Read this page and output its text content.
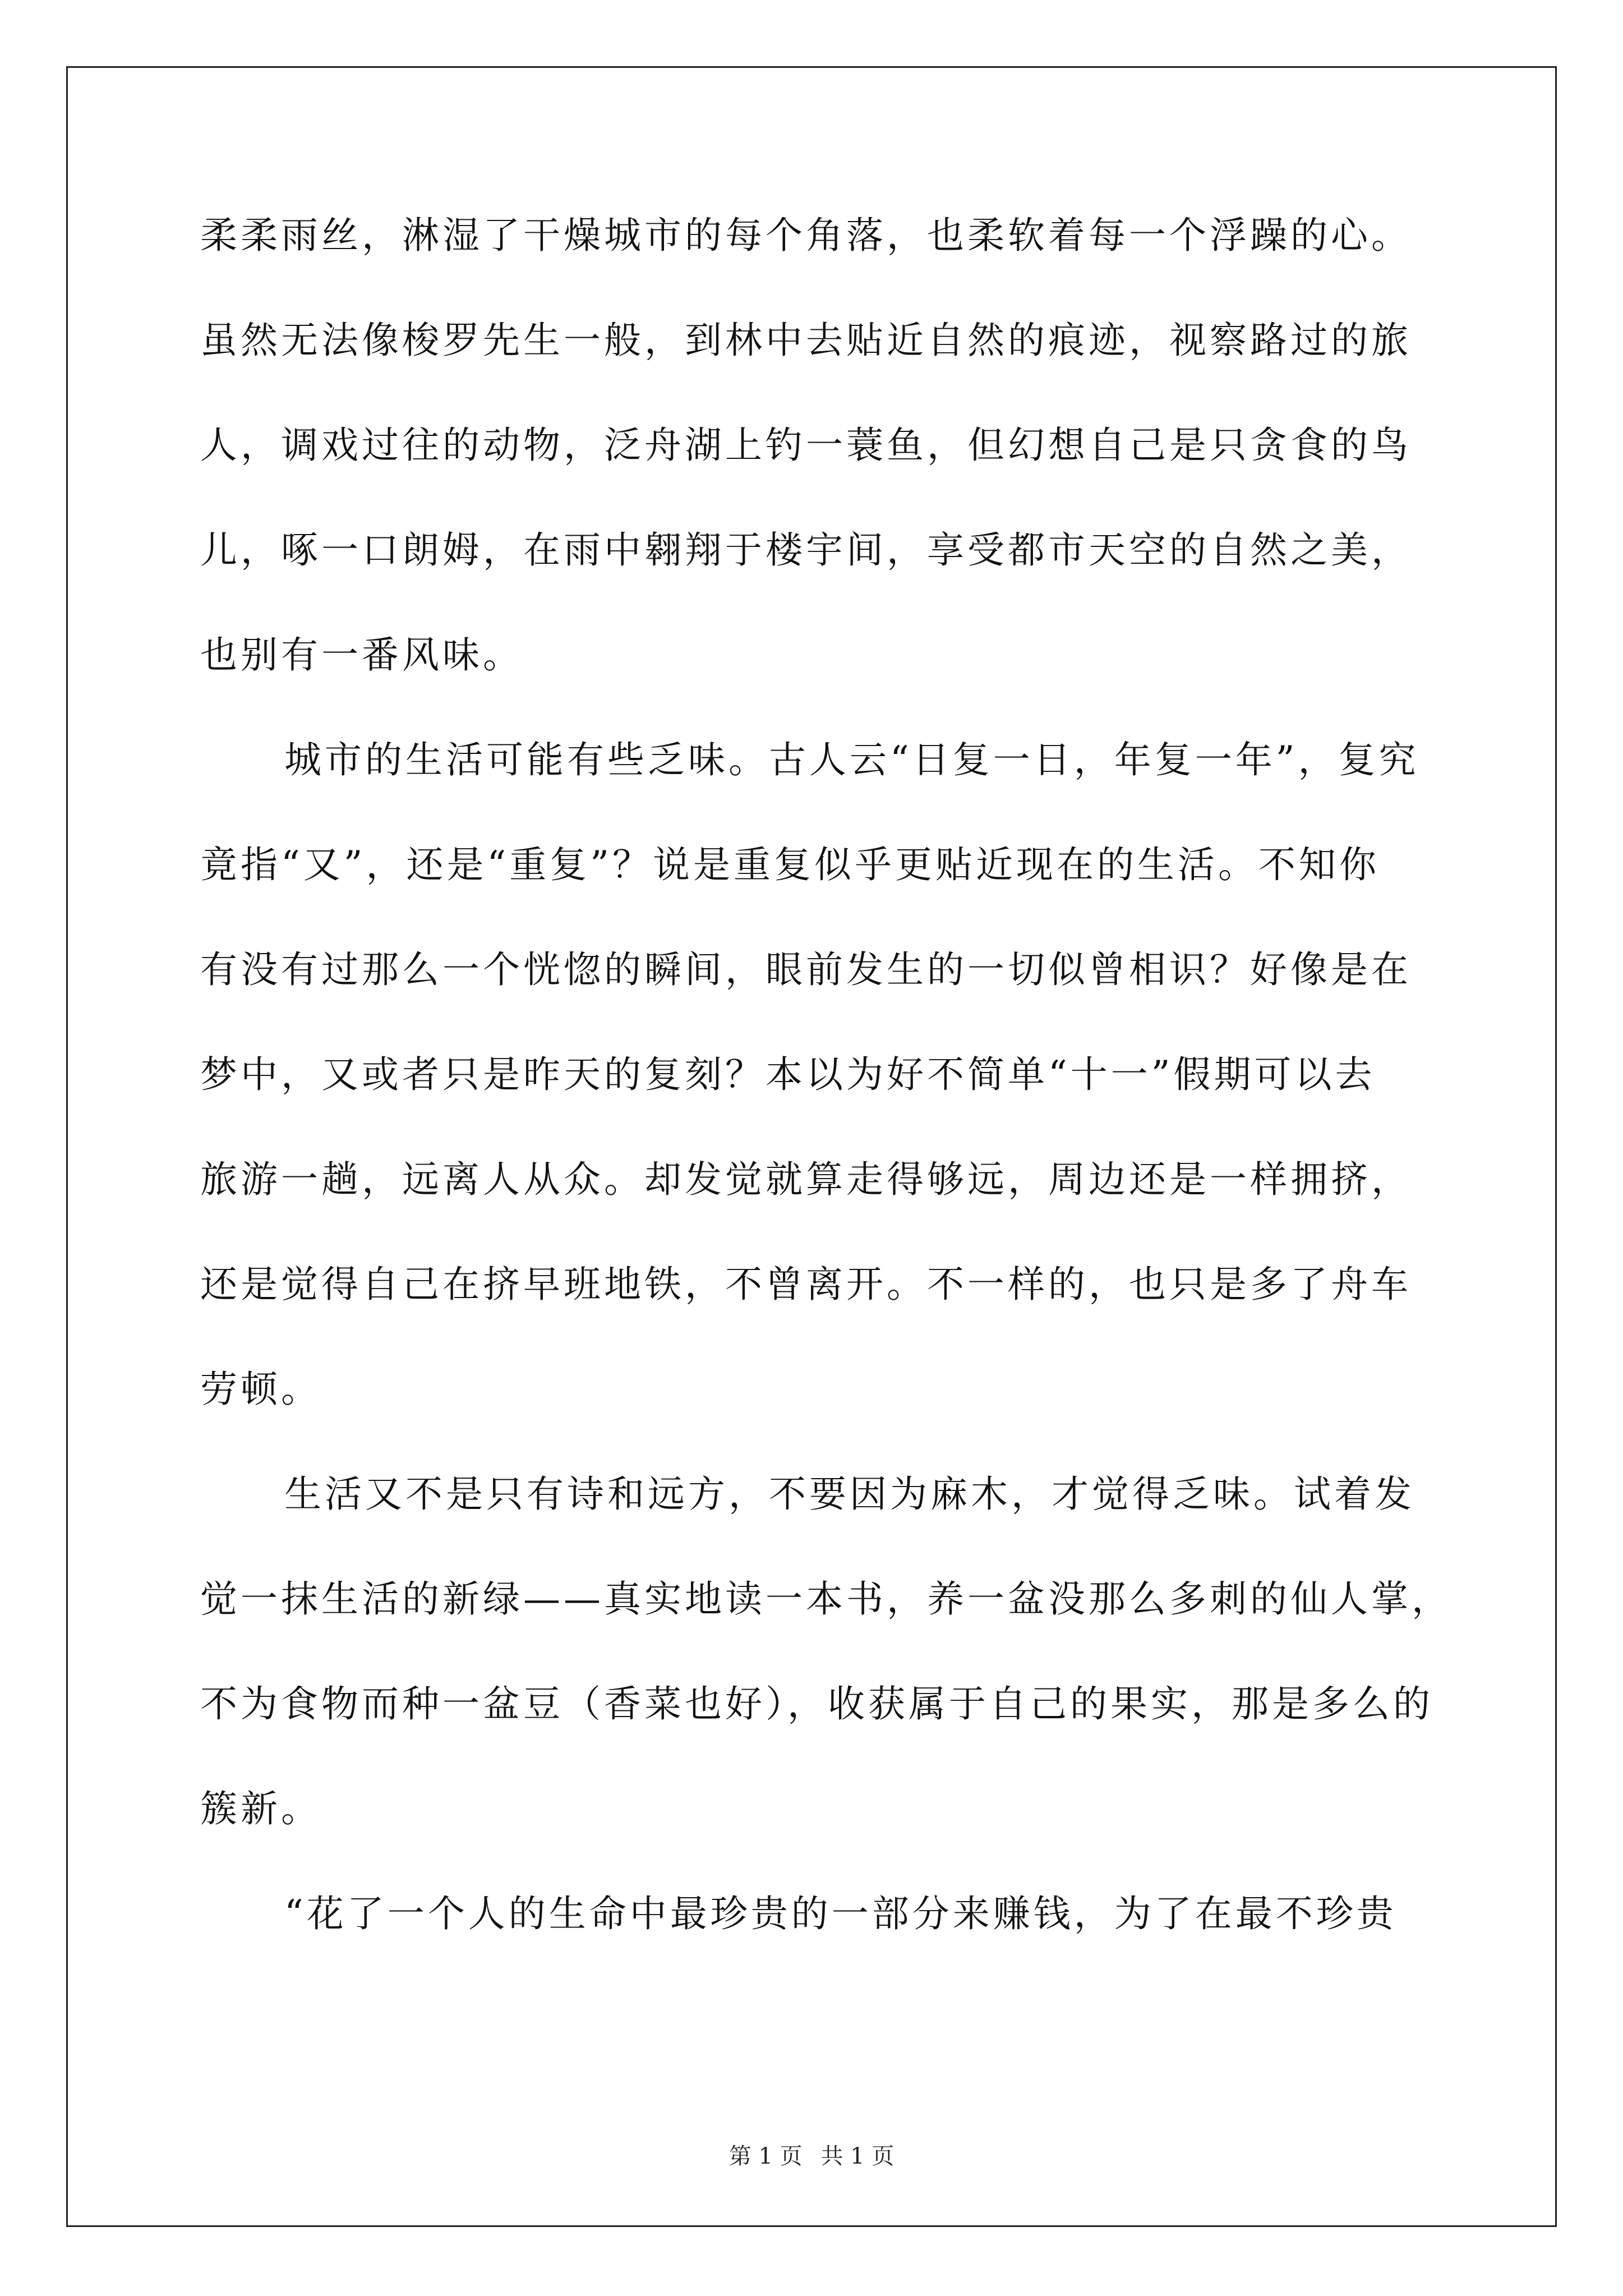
柔柔雨丝，淋湿了干燥城市的每个角落，也柔软着每一个浮躁的心。
虽然无法像梭罗先生一般，到林中去贴近自然的痕迹，视察路过的旅
人，调戏过往的动物，泛舟湖上钓一蓑鱼，但幻想自己是只贪食的鸟
儿，啄一口朗姆，在雨中翱翔于楼宇间，享受都市天空的自然之美，
也别有一番风味。
城市的生活可能有些乏味。古人云“日复一日，年复一年”，复究
竟指“又”，还是“重复”？说是重复似乎更贴近现在的生活。不知你
有没有过那么一个恍惚的瞬间，眼前发生的一切似曾相识？好像是在
梦中，又或者只是昨天的复刻？本以为好不简单“十一”假期可以去
旅游一趟，远离人从众。却发觉就算走得够远，周边还是一样拥挤，
还是觉得自己在挤早班地铁，不曾离开。不一样的，也只是多了舟车
劳顿。
生活又不是只有诗和远方，不要因为麻木，才觉得乏味。试着发
觉一抹生活的新绿——真实地读一本书，养一盆没那么多刺的仙人掌，
不为食物而种一盆豆（香菜也好），收获属于自己的果实，那是多么的
簇新。
“花了一个人的生命中最珍贵的一部分来赚钱，为了在最不珍贵
第 1 页 共 1 页
